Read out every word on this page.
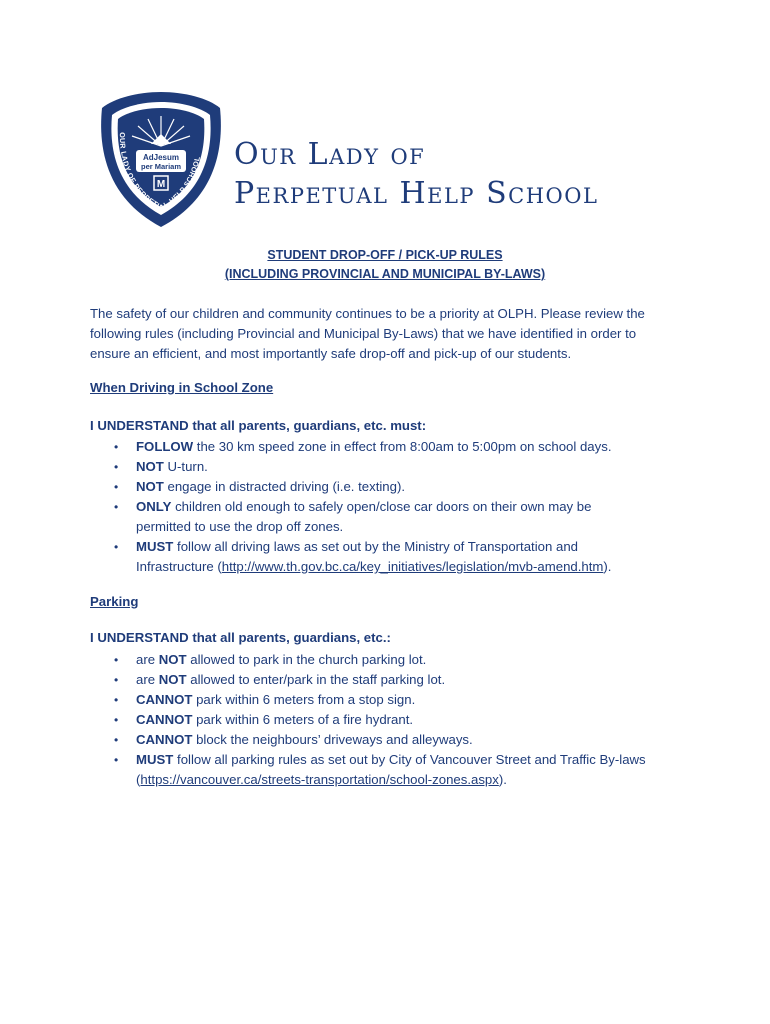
AdJesum
per Mariam
M
OUR LADY OF PERPETUAL HELP SCHOOL Our Lady of
Perpetual Help School
STUDENT DROP-OFF / PICK-UP RULES
(INCLUDING PROVINCIAL AND MUNICIPAL BY-LAWS)

The safety of our children and community continues to be a priority at OLPH. Please review the

following rules (including Provincial and Municipal By-Laws) that we have identified in order to

ensure an efficient, and most importantly safe drop-off and pick-up of our students.

When Driving in School Zone
I UNDERSTAND that all parents, guardians, etc. must:
• FOLLOW the 30 km speed zone in effect from 8:00am to 5:00pm on school days.
• NOT U-turn.
• NOT engage in distracted driving (i.e. texting).
• ONLY children old enough to safely open/close car doors on their own may be
permitted to use the drop off zones.
• MUST follow all driving laws as set out by the Ministry of Transportation and
Infrastructure (http://www.th.gov.bc.ca/key_initiatives/legislation/mvb-amend.htm).
Parking
I UNDERSTAND that all parents, guardians, etc.:
• are NOT allowed to park in the church parking lot.
• are NOT allowed to enter/park in the staff parking lot.
• CANNOT park within 6 meters from a stop sign.
• CANNOT park within 6 meters of a fire hydrant.
• CANNOT block the neighbours’ driveways and alleyways.
• MUST follow all parking rules as set out by City of Vancouver Street and Traffic By-laws
(https://vancouver.ca/streets-transportation/school-zones.aspx).
